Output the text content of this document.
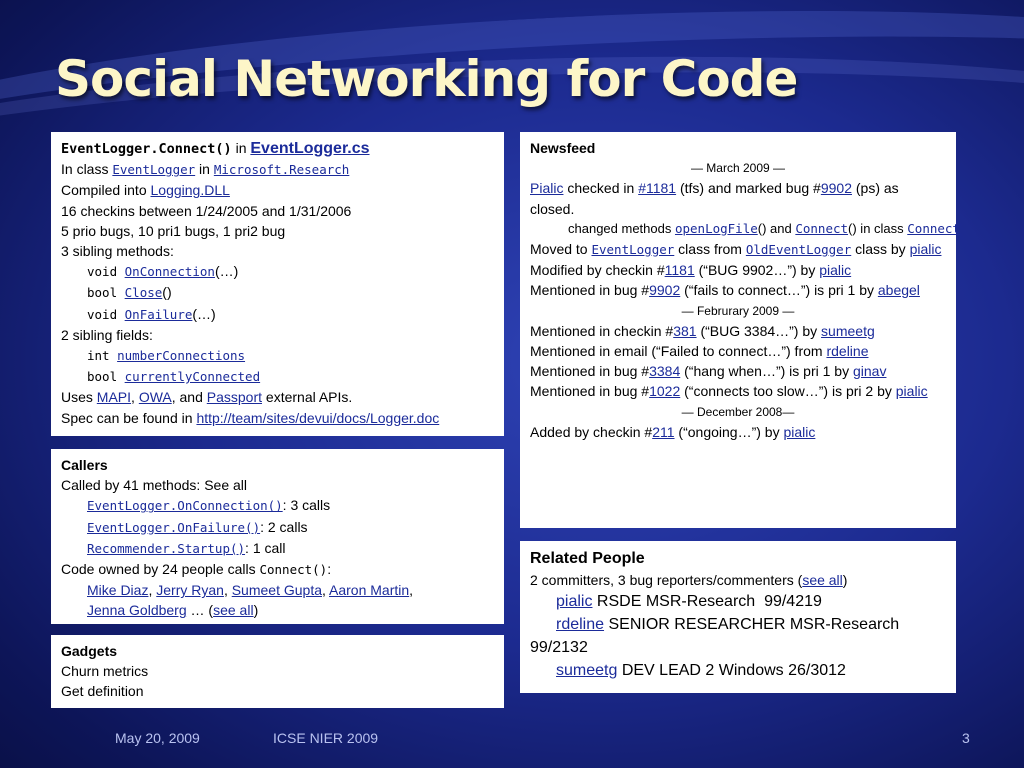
Social Networking for Code
EventLogger.Connect() in EventLogger.cs
In class EventLogger in Microsoft.Research
Compiled into Logging.DLL
16 checkins between 1/24/2005 and 1/31/2006
5 prio bugs, 10 pri1 bugs, 1 pri2 bug
3 sibling methods:
void OnConnection(…)
bool Close()
void OnFailure(…)
2 sibling fields:
int numberConnections
bool currentlyConnected
Uses MAPI, OWA, and Passport external APIs.
Spec can be found in http://team/sites/devui/docs/Logger.doc
Callers
Called by 41 methods: See all
EventLogger.OnConnection(): 3 calls
EventLogger.OnFailure(): 2 calls
Recommender.Startup(): 1 call
Code owned by 24 people calls Connect():
Mike Diaz, Jerry Ryan, Sumeet Gupta, Aaron Martin,
Jenna Goldberg … (see all)
Gadgets
Churn metrics
Get definition
Newsfeed
— March 2009 —
Pialic checked in #1181 (tfs) and marked bug #9902 (ps) as closed.
changed methods openLogFile() and Connect() in class Connect
Moved to EventLogger class from OldEventLogger class by pialic
Modified by checkin #1181 (“BUG 9902…”) by pialic
Mentioned in bug #9902 (“fails to connect…”) is pri 1 by abegel
— Februrary 2009 —
Mentioned in checkin #381 (“BUG 3384…”) by sumeetg
Mentioned in email (“Failed to connect…”) from rdeline
Mentioned in bug #3384 (“hang when…”) is pri 1 by ginav
Mentioned in bug #1022 (“connects too slow…”) is pri 2 by pialic
— December 2008—
Added by checkin #211 (“ongoing…”) by pialic
Related People
2 committers, 3 bug reporters/commenters (see all)
pialic RSDE MSR-Research  99/4219
rdeline SENIOR RESEARCHER MSR-Research 99/2132
sumeetg DEV LEAD 2 Windows 26/3012
May 20, 2009	ICSE NIER 2009	3
